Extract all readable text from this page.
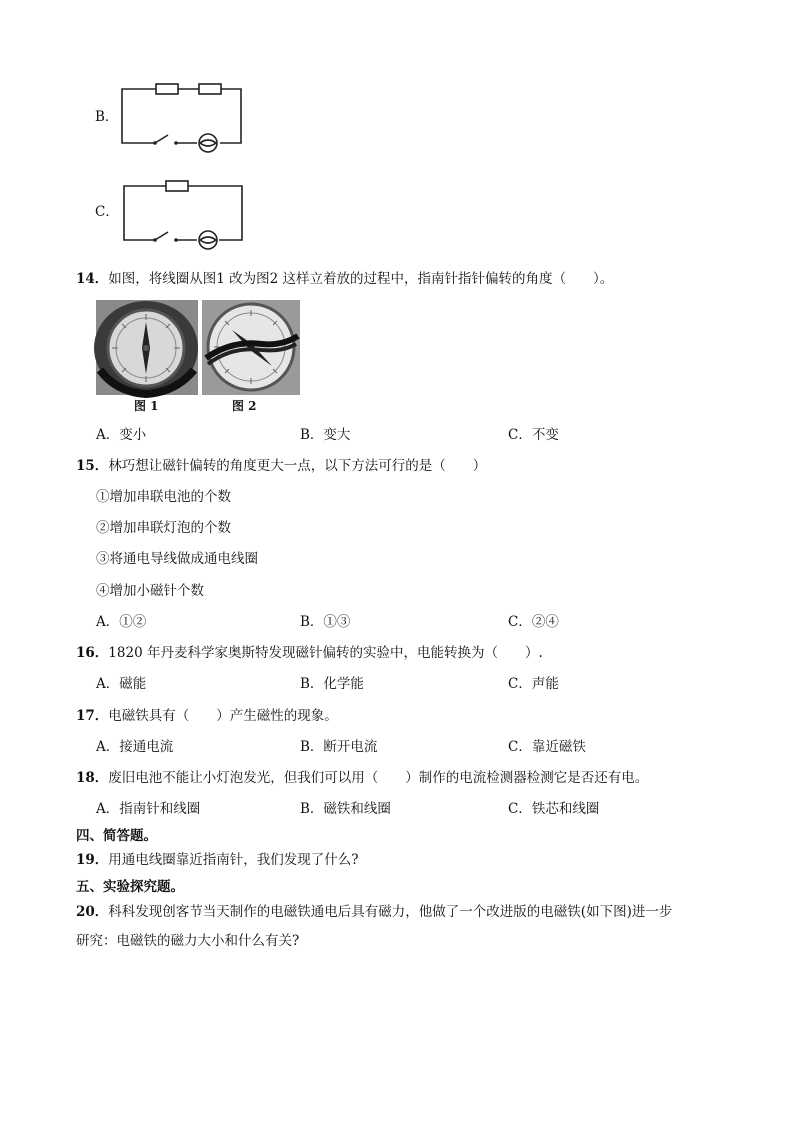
B．
C．
14．如图，将线圈从图1 改为图2 这样立着放的过程中，指南针指针偏转的角度（　　）。
图 1	图 2
A．变小	B．变大	C．不变
15．林巧想让磁针偏转的角度更大一点，以下方法可行的是（　　）
①增加串联电池的个数
②增加串联灯泡的个数
③将通电导线做成通电线圈
④增加小磁针个数
A．①②	B．①③	C．②④
16．1820 年丹麦科学家奥斯特发现磁针偏转的实验中，电能转换为（　　）.
A．磁能	B．化学能	C．声能
17．电磁铁具有（　　）产生磁性的现象。
A．接通电流	B．断开电流	C．靠近磁铁
18．废旧电池不能让小灯泡发光，但我们可以用（　　）制作的电流检测器检测它是否还有电。
A．指南针和线圈	B．磁铁和线圈	C．铁芯和线圈
四、简答题。
19．用通电线圈靠近指南针，我们发现了什么?
五、实验探究题。
20．科科发现创客节当天制作的电磁铁通电后具有磁力，他做了一个改进版的电磁铁(如下图)进一步
研究：电磁铁的磁力大小和什么有关?
